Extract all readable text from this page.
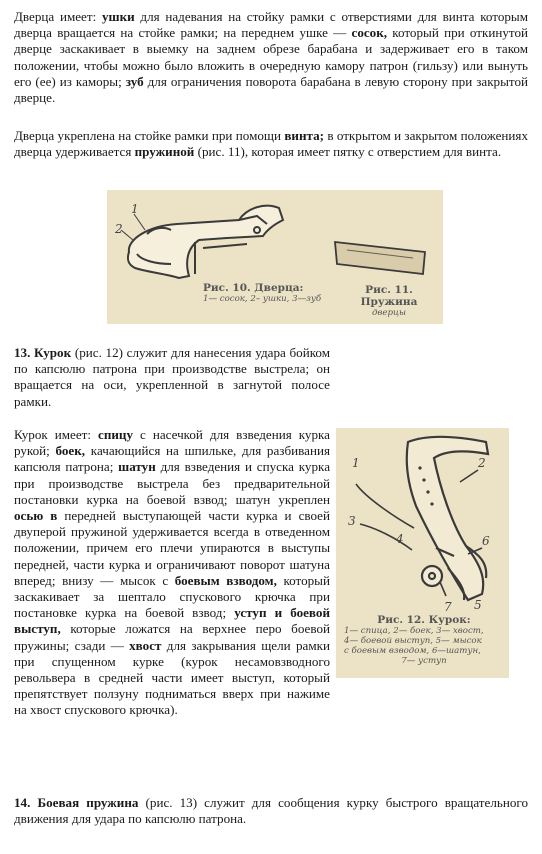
Дверца имеет: ушки для надевания на стойку рамки с отверстиями для винта которым дверца вращается на стойке рамки; на переднем ушке — сосок, который при откинутой дверце заскакивает в выемку на заднем обрезе барабана и задерживает его в таком положении, чтобы можно было вложить в очередную камору патрон (гильзу) или вынуть его (ее) из каморы; зуб для ограничения поворота барабана в левую сторону при закрытой дверце.
Дверца укреплена на стойке рамки при помощи винта; в открытом и закрытом положениях дверца удерживается пружиной (рис. 11), которая имеет пятку с отверстием для винта.
1
2
Рис. 10. Дверца:
1— сосок, 2– ушки, 3—зуб
Рис. 11. Пружина
дверцы
13. Курок (рис. 12) служит для нанесения удара бойком по капсюлю патрона при производстве выстрела; он вращается на оси, укрепленной в загнутой полосе рамки.
Курок имеет: спицу с насечкой для взведения курка рукой; боек, качающийся на шпильке, для разбивания капсюля патрона; шатун для взведения и спуска курка при производстве выстрела без предварительной постановки курка на боевой взвод; шатун укреплен осью в передней выступающей части курка и своей двуперой пружиной удерживается всегда в отведенном положении, причем его плечи упираются в выступы передней, части курка и ограничивают поворот шатуна вперед; внизу — мысок с боевым взводом, который заскакивает за шептало спускового крючка при постановке курка на боевой взвод; уступ и боевой выступ, которые ложатся на верхнее перо боевой пружины; сзади — хвост для закрывания щели рамки при спущенном курке (курок несамовзводного револьвера в средней части имеет выступ, который препятствует ползуну подниматься вверх при нажиме на хвост спускового крючка).
1	2
3
4	6
7 5
Рис. 12. Курок:
1— спица, 2— боек, 3— хвост,
4— боевой выступ, 5— мысок
с боевым взводом, 6—шатун,
7— уступ
14. Боевая пружина (рис. 13) служит для сообщения курку быстрого вращательного движения для удара по капсюлю патрона.
